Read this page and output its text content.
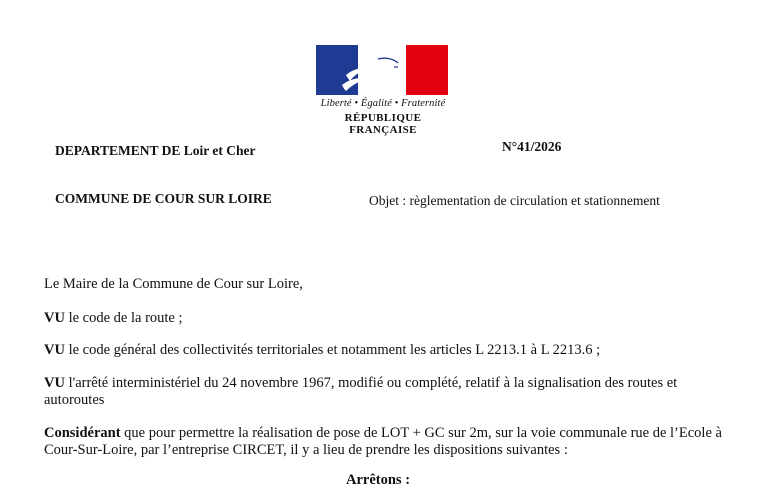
Liberté • Égalité • Fraternité
RÉPUBLIQUE FRANÇAISE
DEPARTEMENT DE Loir et Cher	N°41/2026
COMMUNE DE COUR SUR LOIRE	Objet : règlementation de circulation et stationnement
Le Maire de la Commune de Cour sur Loire,
VU le code de la route ;
VU le code général des collectivités territoriales et notamment les articles L 2213.1 à L 2213.6 ;
VU l'arrêté interministériel du 24 novembre 1967, modifié ou complété, relatif à la signalisation des routes et autoroutes
Considérant que pour permettre la réalisation de pose de LOT + GC sur 2m, sur la voie communale rue de l’Ecole à Cour-Sur-Loire, par l’entreprise CIRCET, il y a lieu de prendre les dispositions suivantes :
Arrêtons :
